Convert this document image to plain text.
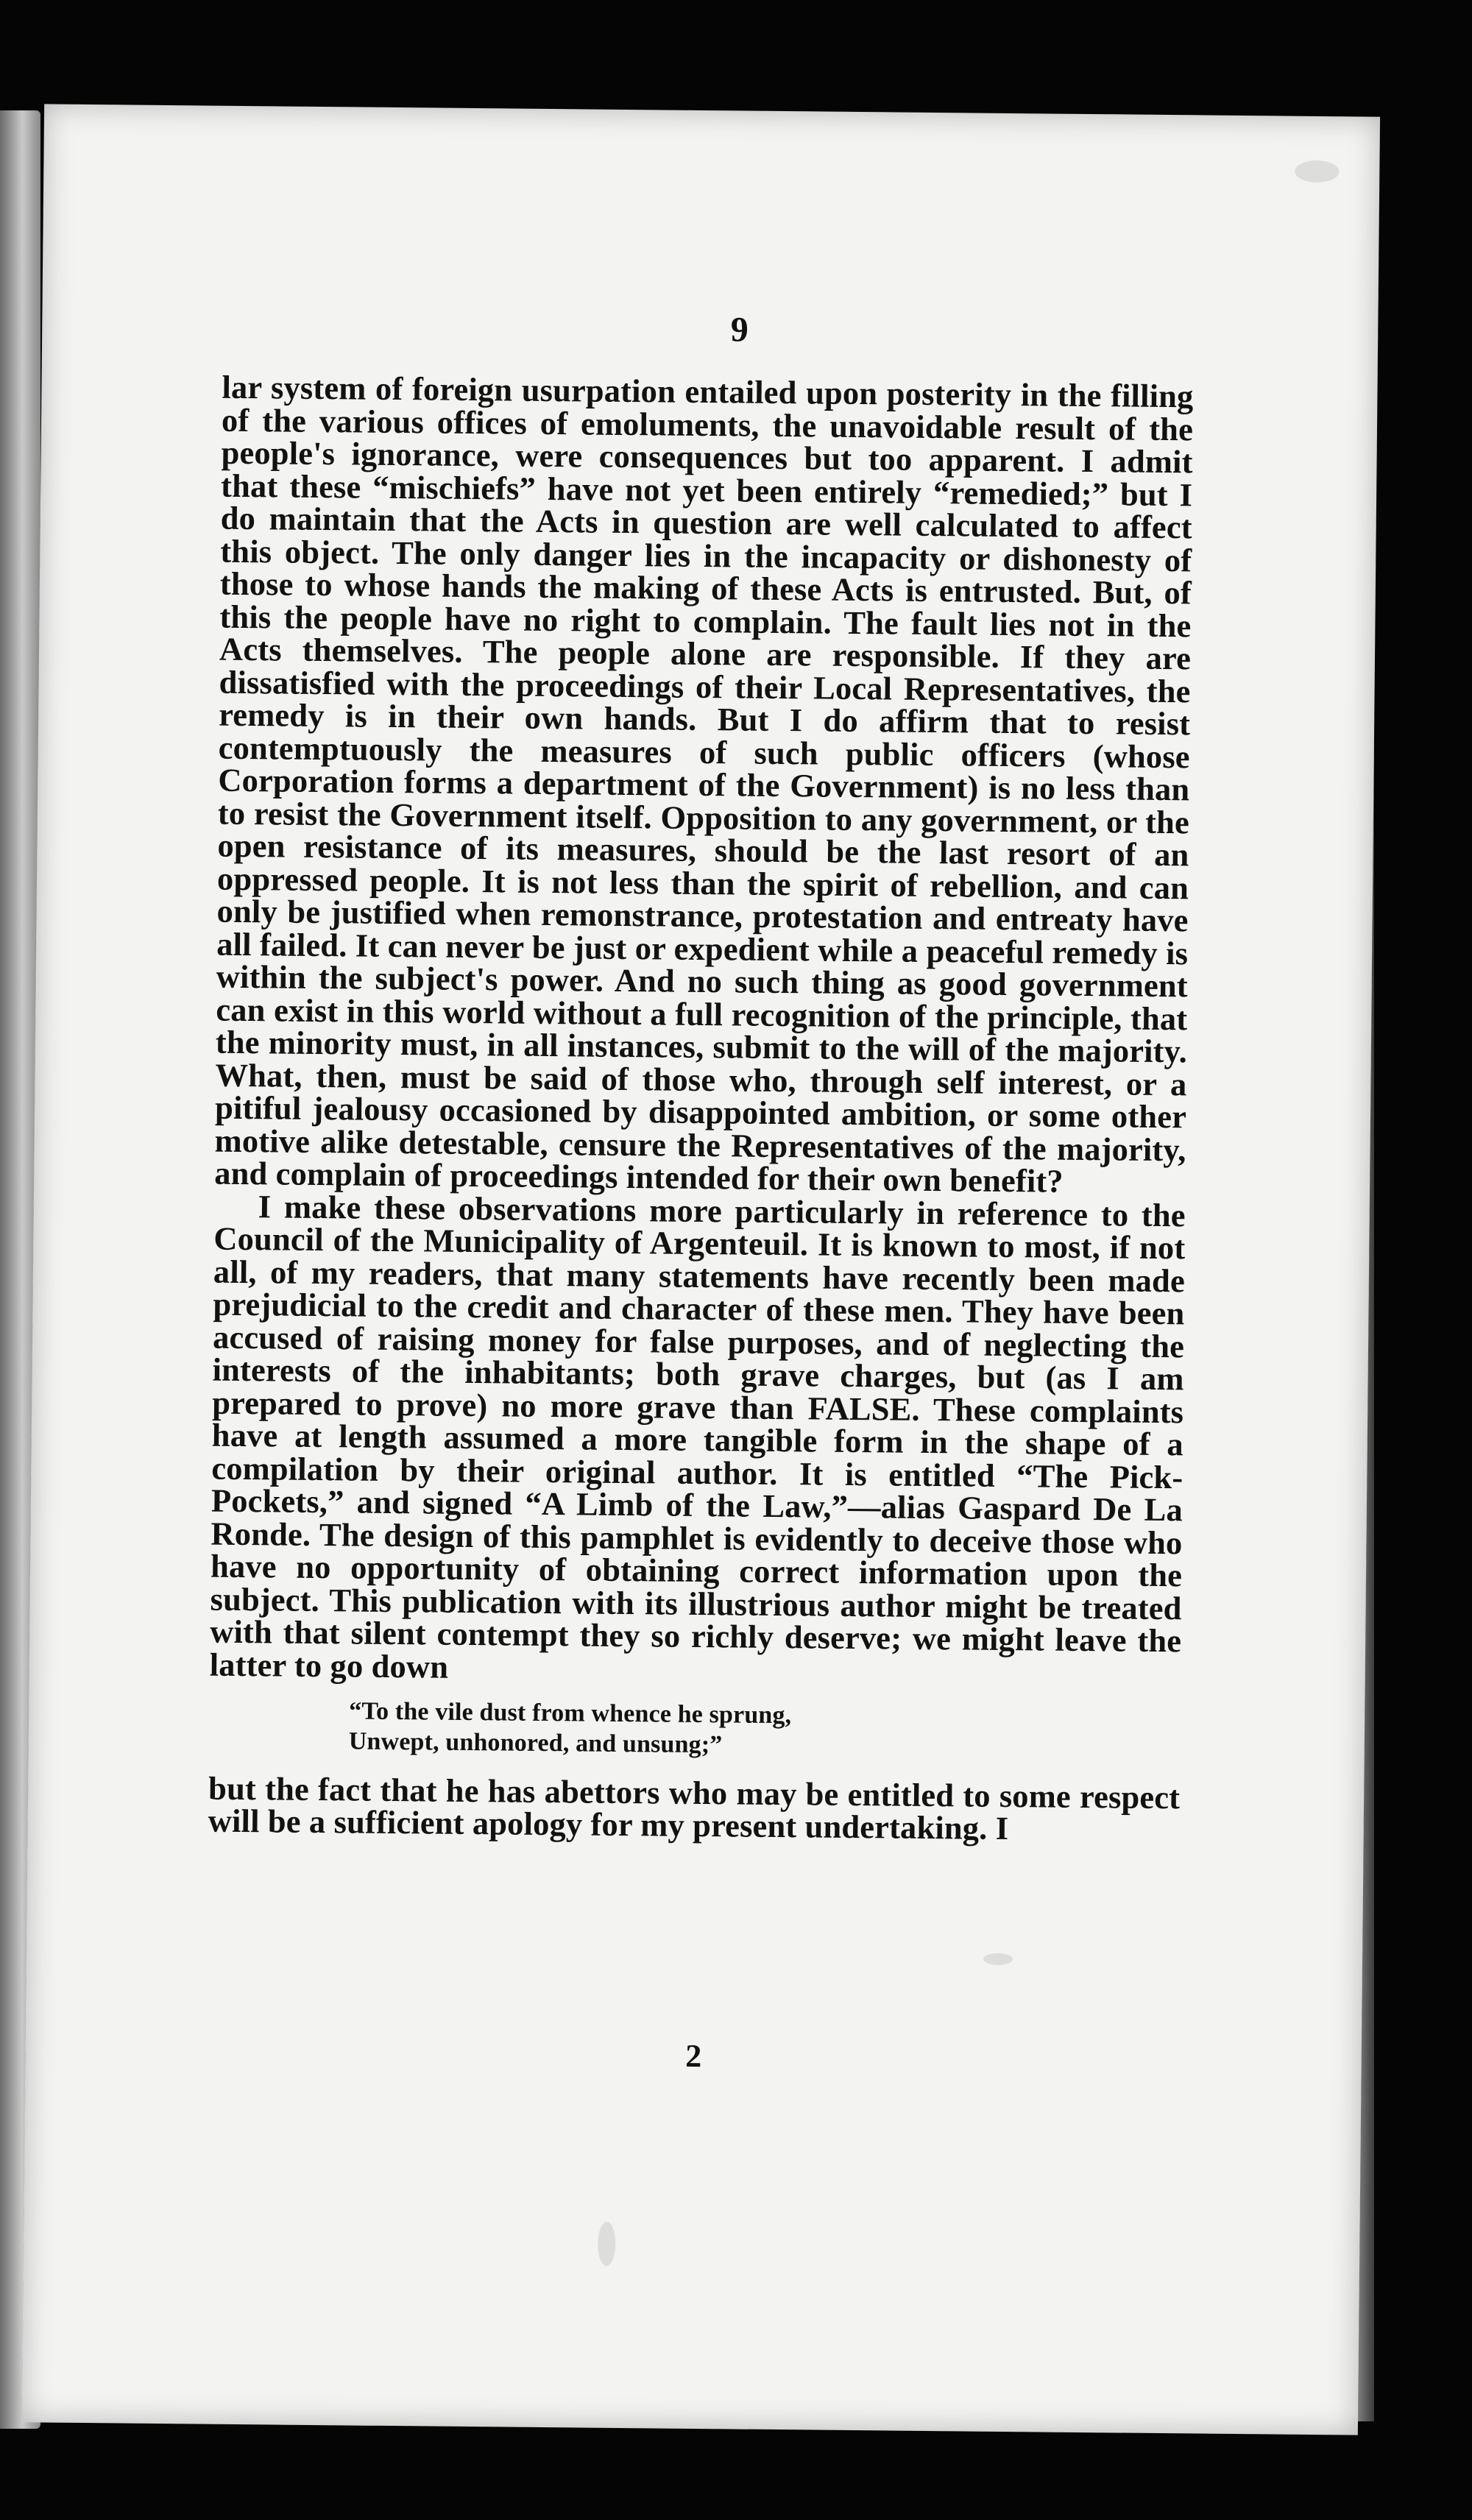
9

lar system of foreign usurpation entailed upon posterity in the filling of the various offices of emoluments, the unavoidable result of the people's ignorance, were consequences but too apparent. I admit that these “mischiefs” have not yet been entirely “remedied;” but I do maintain that the Acts in question are well calculated to affect this object. The only danger lies in the incapacity or dishonesty of those to whose hands the making of these Acts is entrusted. But, of this the people have no right to complain. The fault lies not in the Acts themselves. The people alone are responsible. If they are dissatisfied with the proceedings of their Local Representatives, the remedy is in their own hands. But I do affirm that to resist contemptuously the measures of such public officers (whose Corporation forms a department of the Government) is no less than to resist the Government itself. Opposition to any government, or the open resistance of its measures, should be the last resort of an oppressed people. It is not less than the spirit of rebellion, and can only be justified when remonstrance, protestation and entreaty have all failed. It can never be just or expedient while a peaceful remedy is within the subject's power. And no such thing as good government can exist in this world without a full recognition of the principle, that the minority must, in all instances, submit to the will of the majority. What, then, must be said of those who, through self interest, or a pitiful jealousy occasioned by disappointed ambition, or some other motive alike detestable, censure the Representatives of the majority, and complain of proceedings intended for their own benefit?

I make these observations more particularly in reference to the Council of the Municipality of Argenteuil. It is known to most, if not all, of my readers, that many statements have recently been made prejudicial to the credit and character of these men. They have been accused of raising money for false purposes, and of neglecting the interests of the inhabitants; both grave charges, but (as I am prepared to prove) no more grave than FALSE. These complaints have at length assumed a more tangible form in the shape of a compilation by their original author. It is entitled “The Pick-Pockets,” and signed “A Limb of the Law,”—alias Gaspard De La Ronde. The design of this pamphlet is evidently to deceive those who have no opportunity of obtaining correct information upon the subject. This publication with its illustrious author might be treated with that silent contempt they so richly deserve; we might leave the latter to go down

“To the vile dust from whence he sprung,
Unwept, unhonored, and unsung;”

but the fact that he has abettors who may be entitled to some respect will be a sufficient apology for my present undertaking. I

2
